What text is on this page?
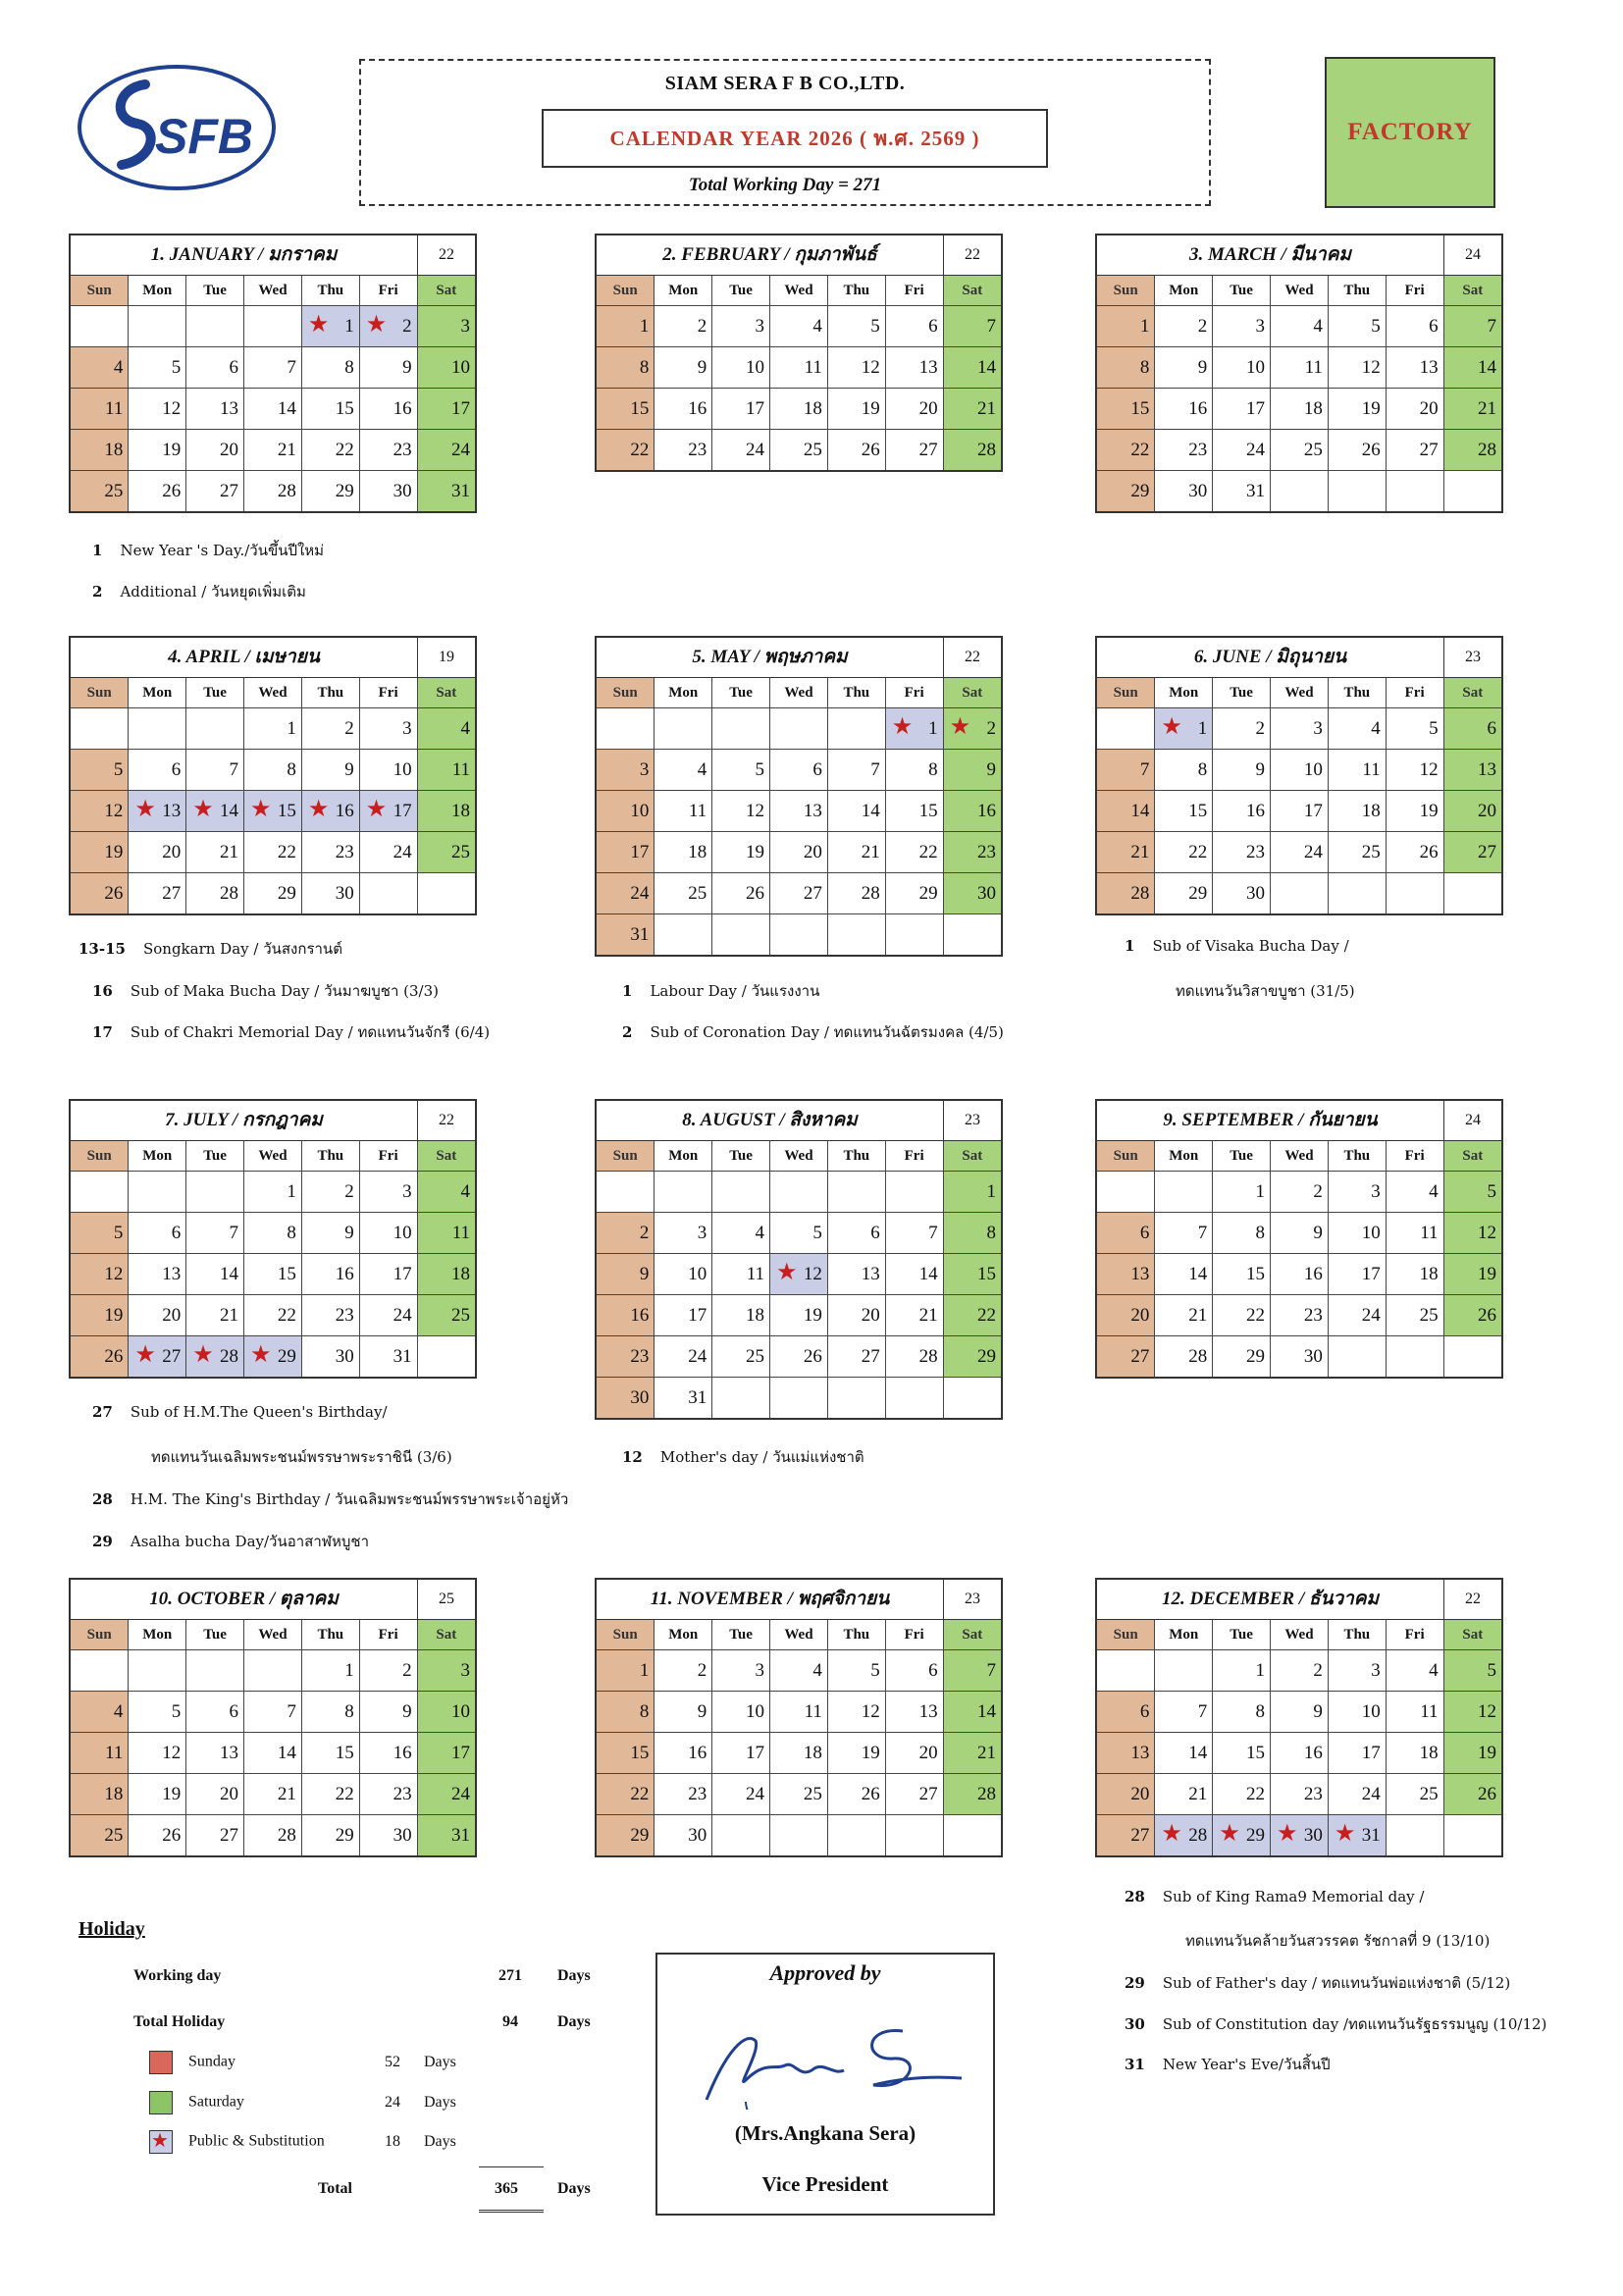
SFB
SIAM SERA F B CO.,LTD.
CALENDAR YEAR 2026 ( พ.ศ. 2569 )
Total Working Day = 271
FACTORY
1. JANUARY / มกราคม	22
Sun	Mon	Tue	Wed	Thu	Fri	Sat

				★ 1	★ 2	3
4	5	6	7	8	9	10
11	12	13	14	15	16	17
18	19	20	21	22	23	24
25	26	27	28	29	30	31
2. FEBRUARY / กุมภาพันธ์	22
Sun	Mon	Tue	Wed	Thu	Fri	Sat
1	2	3	4	5	6	7
8	9	10	11	12	13	14
15	16	17	18	19	20	21
22	23	24	25	26	27	28
3. MARCH / มีนาคม	24
Sun	Mon	Tue	Wed	Thu	Fri	Sat
1	2	3	4	5	6	7
8	9	10	11	12	13	14
15	16	17	18	19	20	21
22	23	24	25	26	27	28
29	30	31				
4. APRIL / เมษายน	19
Sun	Mon	Tue	Wed	Thu	Fri	Sat
			1	2	3	4
5	6	7	8	9	10	11
12	★ 13	★ 14	★ 15	★ 16	★ 17	18
19	20	21	22	23	24	25
26	27	28	29	30		
5. MAY / พฤษภาคม	22
Sun	Mon	Tue	Wed	Thu	Fri	Sat

					★ 1	★ 2
3	4	5	6	7	8	9
10	11	12	13	14	15	16
17	18	19	20	21	22	23
24	25	26	27	28	29	30
31						
6. JUNE / มิถุนายน	23
Sun	Mon	Tue	Wed	Thu	Fri	Sat

	★ 1	2	3	4	5	6
7	8	9	10	11	12	13
14	15	16	17	18	19	20
21	22	23	24	25	26	27
28	29	30				
7. JULY / กรกฎาคม	22
Sun	Mon	Tue	Wed	Thu	Fri	Sat
			1	2	3	4
5	6	7	8	9	10	11
12	13	14	15	16	17	18
19	20	21	22	23	24	25
26	★ 27	★ 28	★ 29	30	31	
8. AUGUST / สิงหาคม	23
Sun	Mon	Tue	Wed	Thu	Fri	Sat
						1
2	3	4	5	6	7	8
9	10	11	★ 12	13	14	15
16	17	18	19	20	21	22
23	24	25	26	27	28	29
30	31					
9. SEPTEMBER / กันยายน	24
Sun	Mon	Tue	Wed	Thu	Fri	Sat
		1	2	3	4	5
6	7	8	9	10	11	12
13	14	15	16	17	18	19
20	21	22	23	24	25	26
27	28	29	30			
10. OCTOBER / ตุลาคม	25
Sun	Mon	Tue	Wed	Thu	Fri	Sat
				1	2	3
4	5	6	7	8	9	10
11	12	13	14	15	16	17
18	19	20	21	22	23	24
25	26	27	28	29	30	31
11. NOVEMBER / พฤศจิกายน	23
Sun	Mon	Tue	Wed	Thu	Fri	Sat
1	2	3	4	5	6	7
8	9	10	11	12	13	14
15	16	17	18	19	20	21
22	23	24	25	26	27	28
29	30					
12. DECEMBER / ธันวาคม	22
Sun	Mon	Tue	Wed	Thu	Fri	Sat
		1	2	3	4	5
6	7	8	9	10	11	12
13	14	15	16	17	18	19
20	21	22	23	24	25	26
27	★ 28	★ 29	★ 30	★ 31		
1 New Year 's Day./วันขึ้นปีใหม่
2 Additional / วันหยุดเพิ่มเติม
13-15 Songkarn Day / วันสงกรานต์
16 Sub of Maka Bucha Day / วันมาฆบูชา (3/3)
17 Sub of Chakri Memorial Day / ทดแทนวันจักรี (6/4)
1 Labour Day / วันแรงงาน
2 Sub of Coronation Day / ทดแทนวันฉัตรมงคล (4/5)
1 Sub of Visaka Bucha Day /
ทดแทนวันวิสาขบูชา (31/5)
27 Sub of H.M.The Queen's Birthday/
ทดแทนวันเฉลิมพระชนม์พรรษาพระราชินี (3/6)
28 H.M. The King's Birthday / วันเฉลิมพระชนม์พรรษาพระเจ้าอยู่หัว
29 Asalha bucha Day/วันอาสาฬหบูชา
12 Mother's day / วันแม่แห่งชาติ
28 Sub of King Rama9 Memorial day /
ทดแทนวันคล้ายวันสวรรคต รัชกาลที่ 9 (13/10)
29 Sub of Father's day / ทดแทนวันพ่อแห่งชาติ (5/12)
30 Sub of Constitution day /ทดแทนวันรัฐธรรมนูญ (10/12)
31 New Year's Eve/วันสิ้นปี
Holiday
Working day	271 Days
Total Holiday	94	Days
Sunday	52 Days
Saturday	24 Days
★ Public & Substitution	18 Days
Total	365	Days
Approved by
(Mrs.Angkana Sera)
Vice President
